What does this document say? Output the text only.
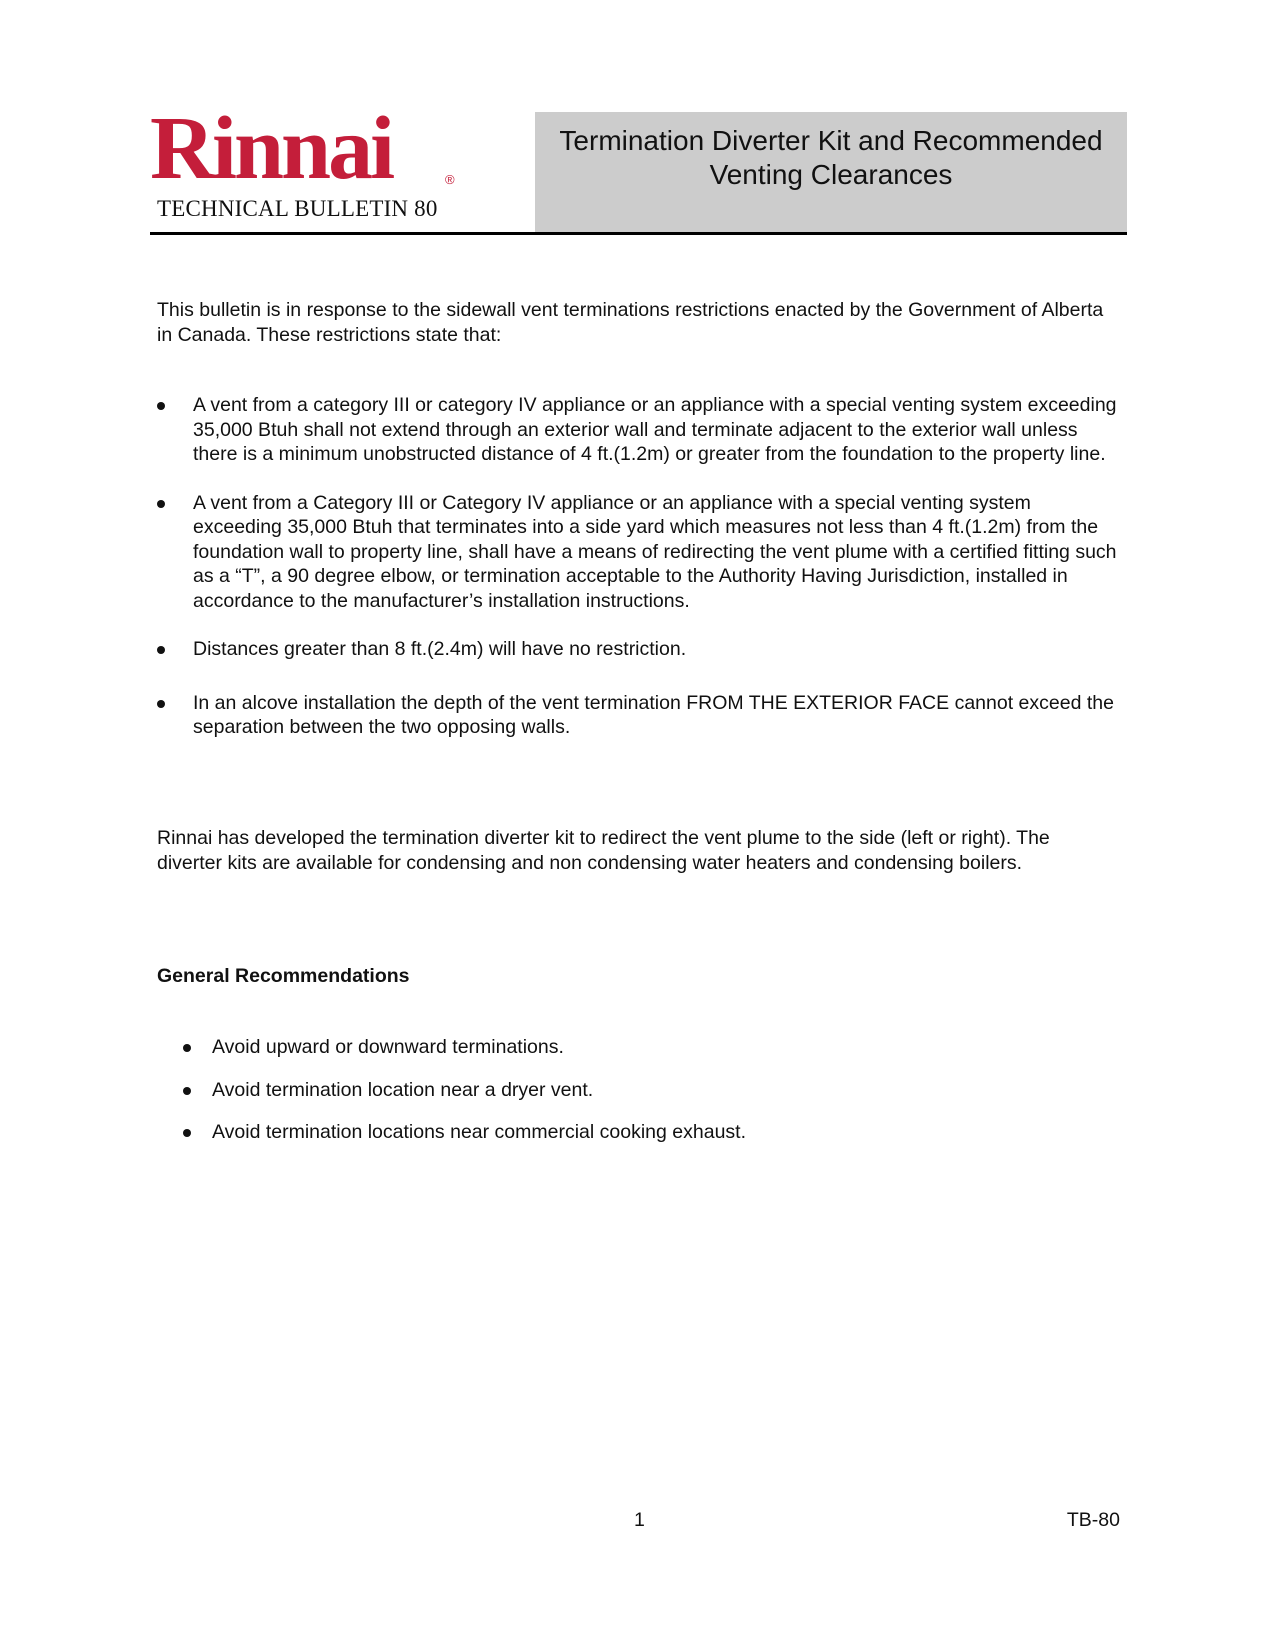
Rinnai	®
TECHNICAL BULLETIN 80
Termination Diverter Kit and Recommended
Venting Clearances
This bulletin is in response to the sidewall vent terminations restrictions enacted by the Government of Alberta in Canada. These restrictions state that:
A vent from a category III or category IV appliance or an appliance with a special venting system exceeding 35,000 Btuh shall not extend through an exterior wall and terminate adjacent to the exterior wall unless there is a minimum unobstructed distance of 4 ft.(1.2m) or greater from the foundation to the property line.
A vent from a Category III or Category IV appliance or an appliance with a special venting system exceeding 35,000 Btuh that terminates into a side yard which measures not less than 4 ft.(1.2m) from the foundation wall to property line, shall have a means of redirecting the vent plume with a certified fitting such as a “T”, a 90 degree elbow, or termination acceptable to the Authority Having Jurisdiction, installed in accordance to the manufacturer’s installation instructions.
Distances greater than 8 ft.(2.4m) will have no restriction.
In an alcove installation the depth of the vent termination FROM THE EXTERIOR FACE cannot exceed the separation between the two opposing walls.
Rinnai has developed the termination diverter kit to redirect the vent plume to the side (left or right). The diverter kits are available for condensing and non condensing water heaters and condensing boilers.
General Recommendations
Avoid upward or downward terminations.
Avoid termination location near a dryer vent.
Avoid termination locations near commercial cooking exhaust.
1	TB-80
